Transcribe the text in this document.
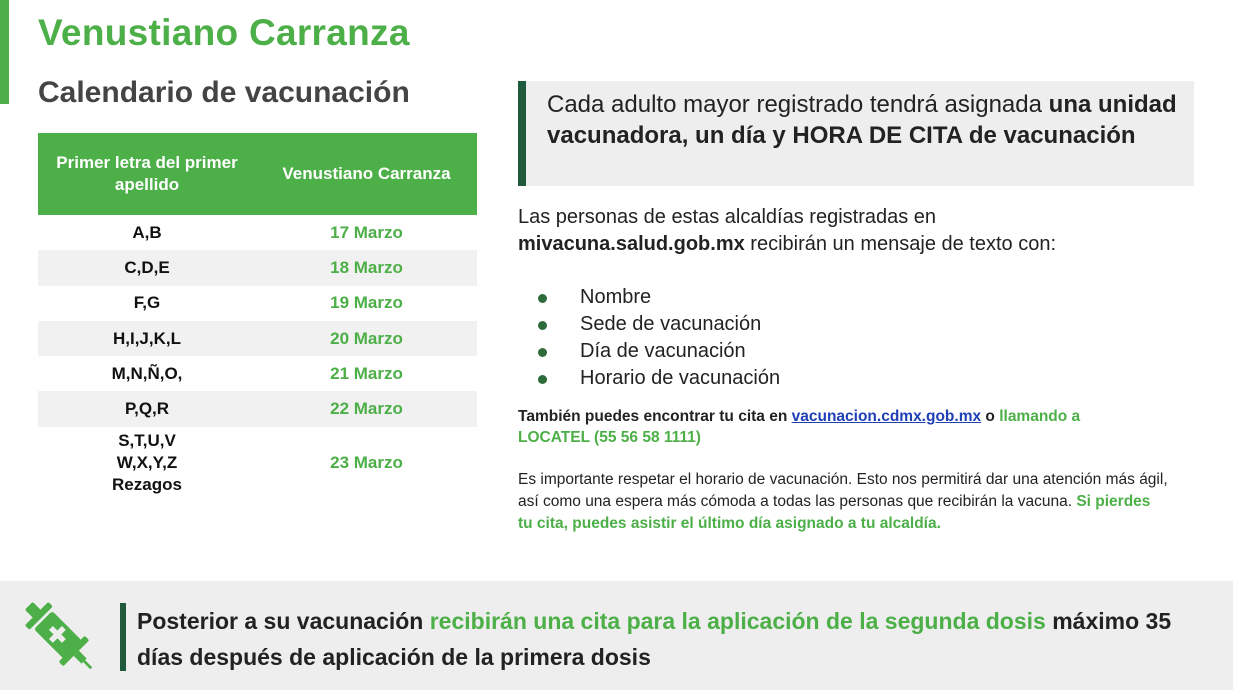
Venustiano Carranza
Calendario de vacunación
Primer letra del primer apellido	Venustiano Carranza
A,B	17 Marzo
C,D,E	18 Marzo
F,G	19 Marzo
H,I,J,K,L	20 Marzo
M,N,Ñ,O,	21 Marzo
P,Q,R	22 Marzo

S,T,U,V
W,X,Y,Z
Rezagos	23 Marzo
Cada adulto mayor registrado tendrá asignada una unidad vacunadora, un día y HORA DE CITA de vacunación
Las personas de estas alcaldías registradas en
mivacuna.salud.gob.mx recibirán un mensaje de texto con:
Nombre
Sede de vacunación
Día de vacunación
Horario de vacunación
También puedes encontrar tu cita en vacunacion.cdmx.gob.mx o llamando a LOCATEL (55 56 58 1111)
Es importante respetar el horario de vacunación. Esto nos permitirá dar una atención más ágil, así como una espera más cómoda a todas las personas que recibirán la vacuna. Si pierdes tu cita, puedes asistir el último día asignado a tu alcaldía.
Posterior a su vacunación recibirán una cita para la aplicación de la segunda dosis máximo 35 días después de aplicación de la primera dosis
